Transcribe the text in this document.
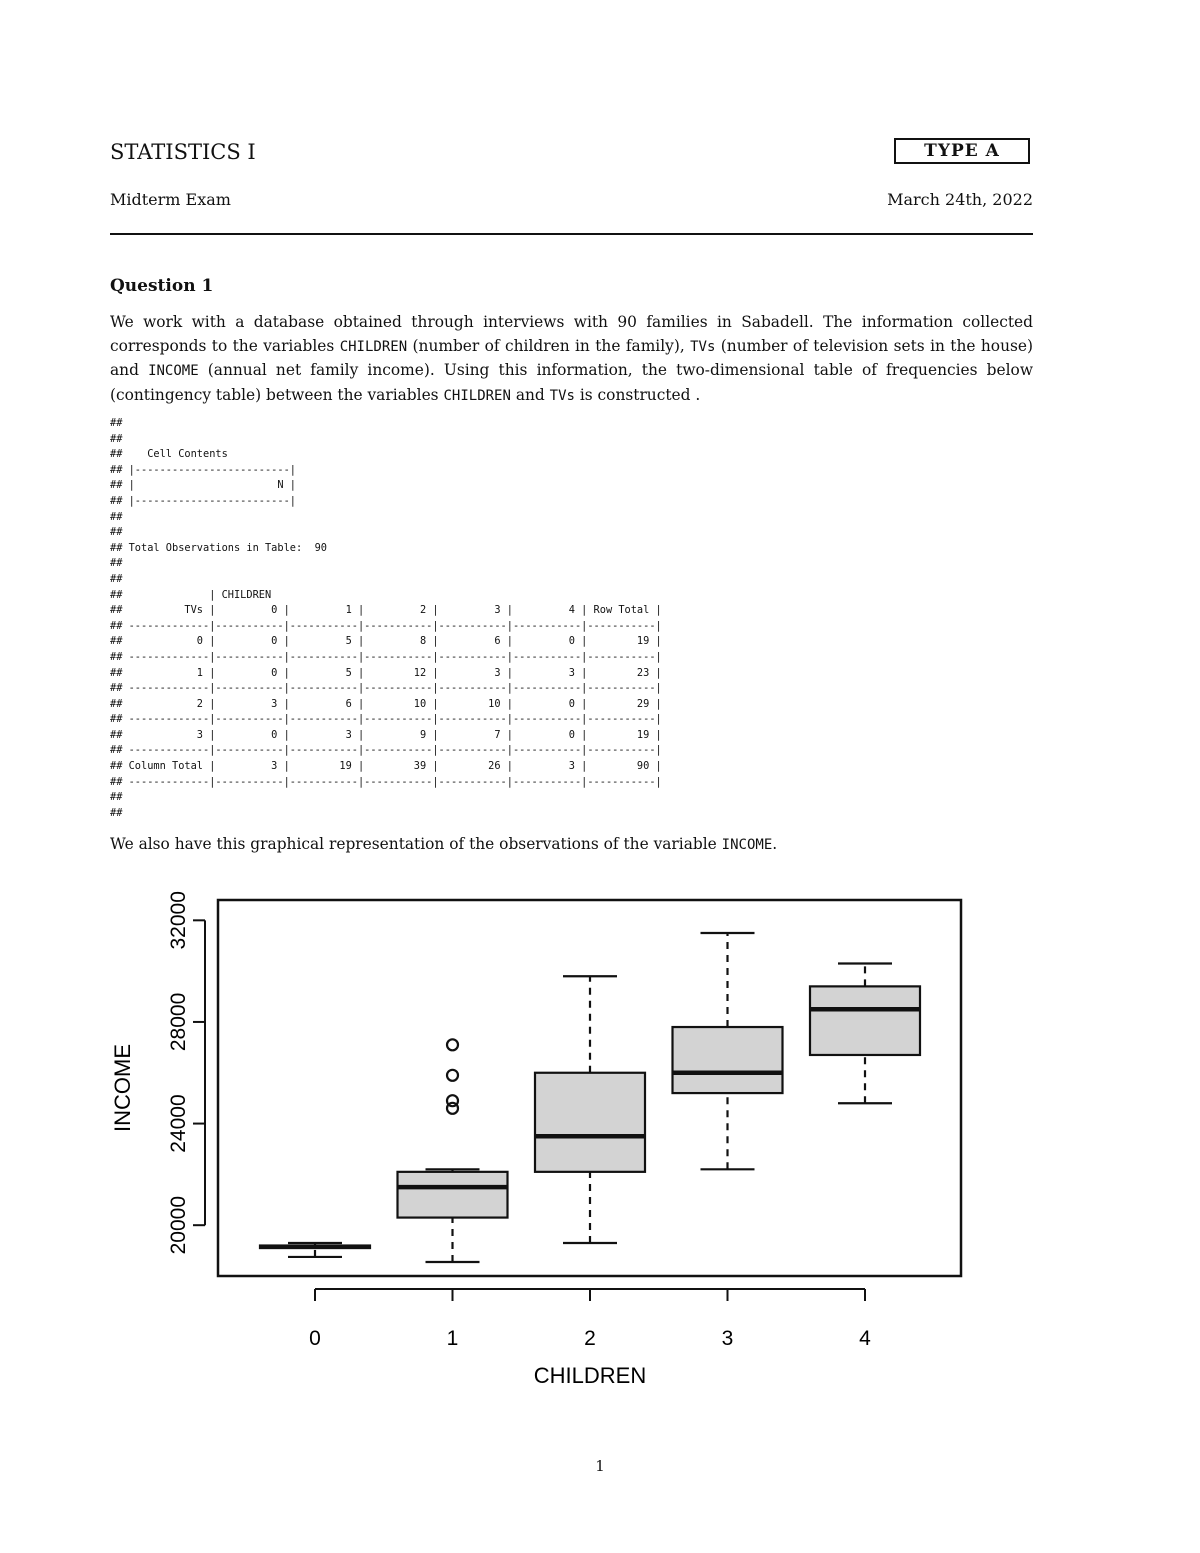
STATISTICS I	TYPE A
Midterm Exam	March 24th, 2022
Question 1
We work with a database obtained through interviews with 90 families in Sabadell. The information collected corresponds to the variables CHILDREN (number of children in the family), TVs (number of television sets in the house) and INCOME (annual net family income). Using this information, the two-dimensional table of frequencies below (contingency table) between the variables CHILDREN and TVs is constructed .
##
##
##    Cell Contents
## |-------------------------|
## |                       N |
## |-------------------------|
##
##
## Total Observations in Table:  90
##
##
##              | CHILDREN
##          TVs |         0 |         1 |         2 |         3 |         4 | Row Total |
## -------------|-----------|-----------|-----------|-----------|-----------|-----------|
##            0 |         0 |         5 |         8 |         6 |         0 |        19 |
## -------------|-----------|-----------|-----------|-----------|-----------|-----------|
##            1 |         0 |         5 |        12 |         3 |         3 |        23 |
## -------------|-----------|-----------|-----------|-----------|-----------|-----------|
##            2 |         3 |         6 |        10 |        10 |         0 |        29 |
## -------------|-----------|-----------|-----------|-----------|-----------|-----------|
##            3 |         0 |         3 |         9 |         7 |         0 |        19 |
## -------------|-----------|-----------|-----------|-----------|-----------|-----------|
## Column Total |         3 |        19 |        39 |        26 |         3 |        90 |
## -------------|-----------|-----------|-----------|-----------|-----------|-----------|
##
##
We also have this graphical representation of the observations of the variable INCOME.
20000
24000
28000
32000
0	1	2	3	4
CHILDREN
INCOME
1
